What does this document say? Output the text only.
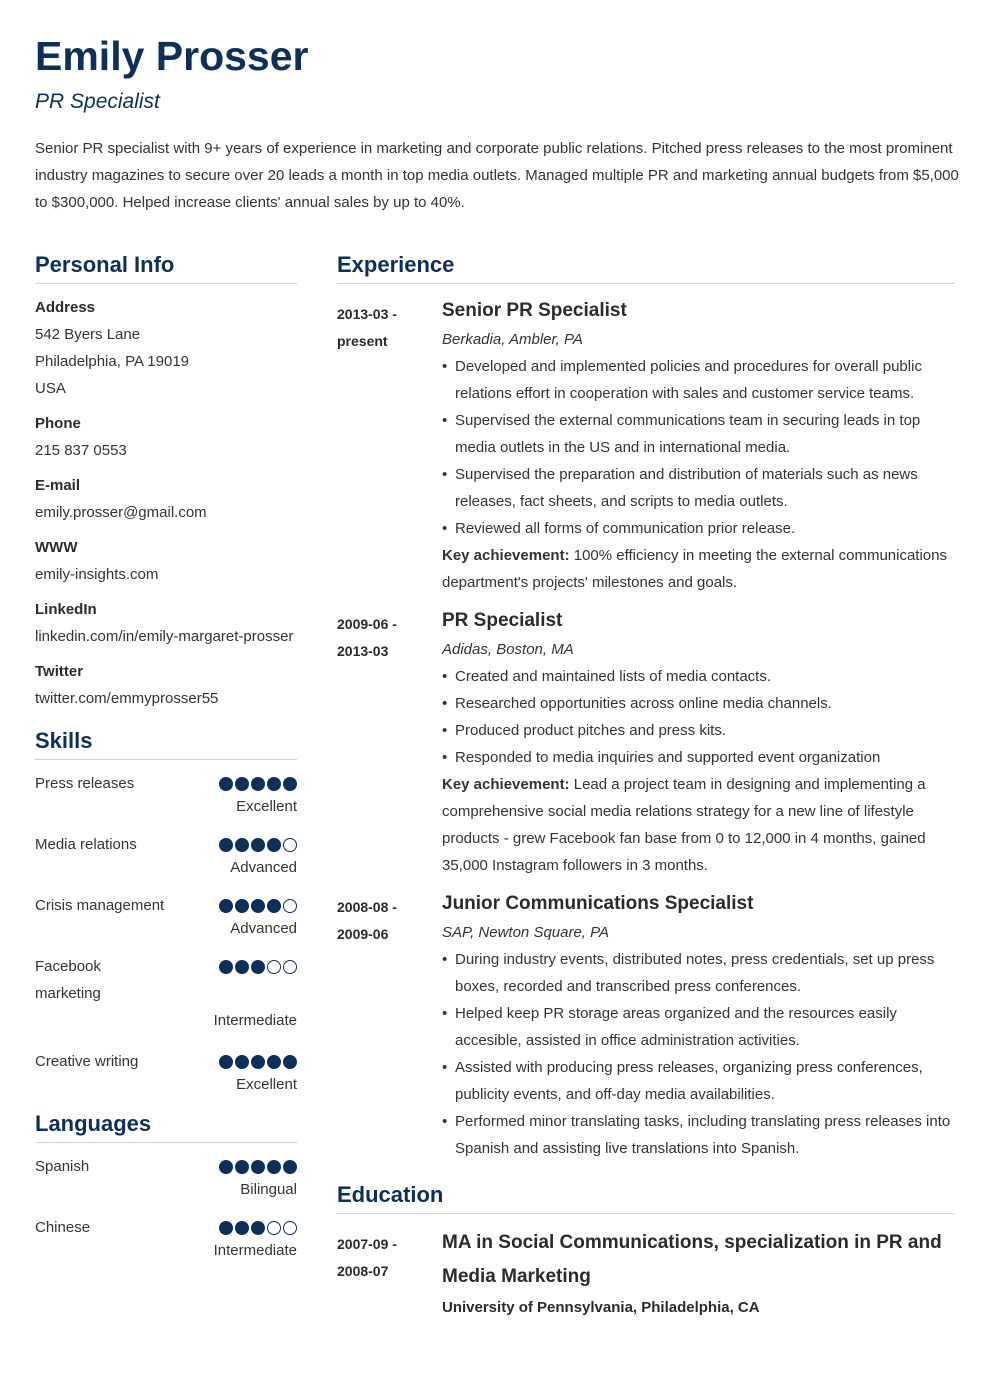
Emily Prosser
PR Specialist
Senior PR specialist with 9+ years of experience in marketing and corporate public relations. Pitched press releases to the most prominent industry magazines to secure over 20 leads a month in top media outlets. Managed multiple PR and marketing annual budgets from $5,000 to $300,000. Helped increase clients' annual sales by up to 40%.
Personal Info
Address
542 Byers Lane
Philadelphia, PA 19019
USA
Phone
215 837 0553
E-mail
emily.prosser@gmail.com
WWW
emily-insights.com
LinkedIn
linkedin.com/in/emily-margaret-prosser
Twitter
twitter.com/emmyprosser55
Skills
Press releases
Excellent
Media relations
Advanced
Crisis management
Advanced
Facebook marketing
Intermediate
Creative writing
Excellent
Languages
Spanish
Bilingual
Chinese
Intermediate
Experience
2013-03 -
present
Senior PR Specialist
Berkadia, Ambler, PA
• Developed and implemented policies and procedures for overall public relations effort in cooperation with sales and customer service teams.
• Supervised the external communications team in securing leads in top media outlets in the US and in international media.
• Supervised the preparation and distribution of materials such as news releases, fact sheets, and scripts to media outlets.
• Reviewed all forms of communication prior release.
Key achievement: 100% efficiency in meeting the external communications department's projects' milestones and goals.
2009-06 -
2013-03
PR Specialist
Adidas, Boston, MA
• Created and maintained lists of media contacts.
• Researched opportunities across online media channels.
• Produced product pitches and press kits.
• Responded to media inquiries and supported event organization
Key achievement: Lead a project team in designing and implementing a comprehensive social media relations strategy for a new line of lifestyle products - grew Facebook fan base from 0 to 12,000 in 4 months, gained 35,000 Instagram followers in 3 months.
2008-08 -
2009-06
Junior Communications Specialist
SAP, Newton Square, PA
• During industry events, distributed notes, press credentials, set up press boxes, recorded and transcribed press conferences.
• Helped keep PR storage areas organized and the resources easily accesible, assisted in office administration activities.
• Assisted with producing press releases, organizing press conferences, publicity events, and off-day media availabilities.
• Performed minor translating tasks, including translating press releases into Spanish and assisting live translations into Spanish.
Education
2007-09 -
2008-07
MA in Social Communications, specialization in PR and Media Marketing
University of Pennsylvania, Philadelphia, CA
